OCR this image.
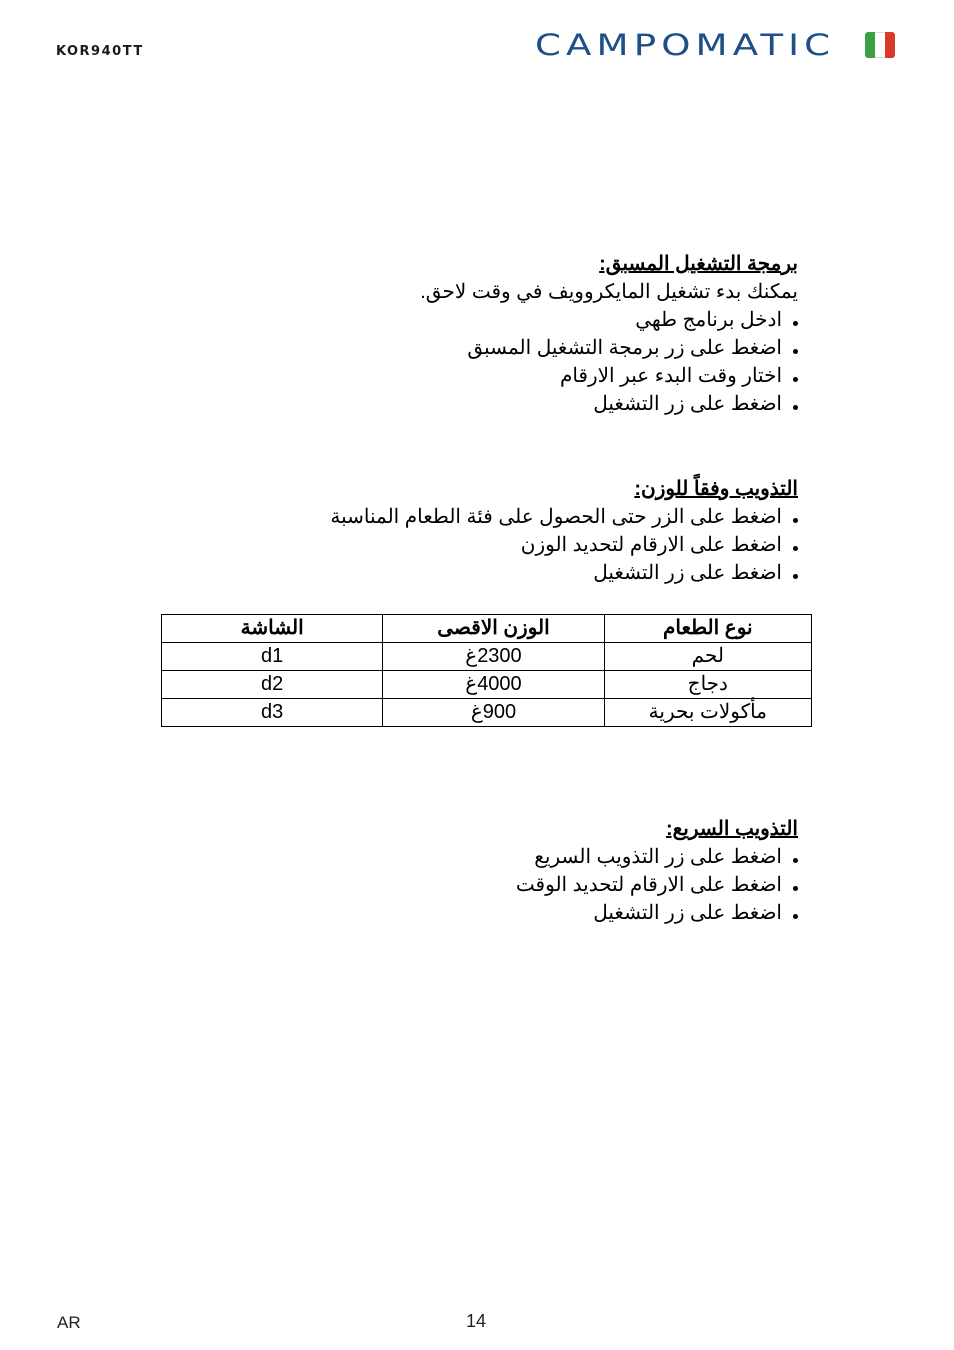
KOR940TT	CAMPOMATIC
برمجة التشغيل المسبق:
يمكنك بدء تشغيل المايكروويف في وقت لاحق.
ادخل برنامج طهي
اضغط على زر برمجة التشغيل المسبق
اختار وقت البدء عبر الارقام
اضغط على زر التشغيل
التذويب وفقاً للوزن:
اضغط على الزر حتى الحصول على فئة الطعام المناسبة
اضغط على الارقام لتحديد الوزن
اضغط على زر التشغيل
نوع الطعام	الوزن الاقصى	الشاشة
لحم	2300غ	d1
دجاج	4000غ	d2
مأكولات بحرية	900غ	d3
التذويب السريع:
اضغط على زر التذويب السريع
اضغط على الارقام لتحديد الوقت
اضغط على زر التشغيل
AR	14
